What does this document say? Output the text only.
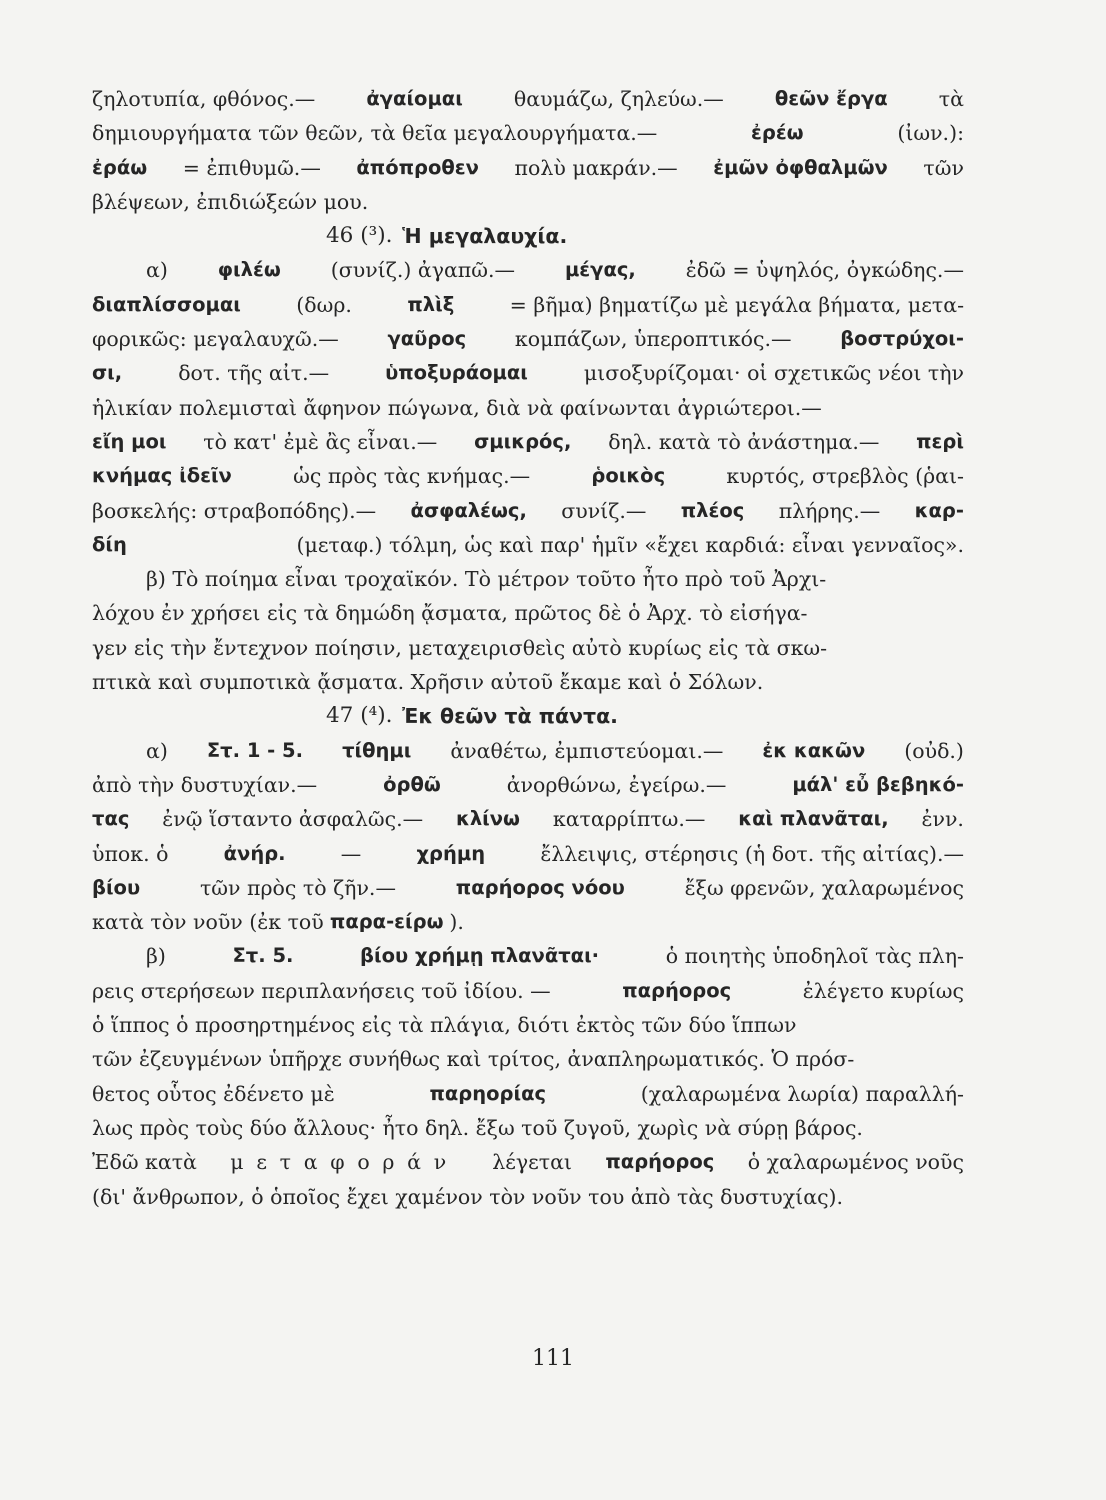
ζηλοτυπία, φθόνος.—	ἀγαίομαι θαυμάζω, ζηλεύω.—	θεῶν ἔργα τὰ
δημιουργήματα τῶν θεῶν, τὰ θεῖα μεγαλουργήματα.—	ἐρέω	(ἰων.):
ἐράω = ἐπιθυμῶ.— ἀπόπροθεν πολὺ μακράν.— ἐμῶν ὀφθαλμῶν τῶν
βλέψεων, ἐπιδιώξεών μου.
46 (³). Ἡ μεγαλαυχία.
α)	φιλέω (συνίζ.) ἀγαπῶ.—	μέγας, ἐδῶ = ὑψηλός, ὀγκώδης.—
διαπλίσσομαι	(δωρ.	πλὶξ	= βῆμα) βηματίζω μὲ μεγάλα βήματα, μετα-
φορικῶς: μεγαλαυχῶ.— γαῦρος κομπάζων, ὑπεροπτικός.— βοστρύχοι-
σι,	δοτ. τῆς αἰτ.—	ὑποξυράομαι	μισοξυρίζομαι· οἱ σχετικῶς νέοι τὴν
ἡλικίαν πολεμισταὶ ἄφηνον πώγωνα, διὰ νὰ φαίνωνται ἀγριώτεροι.—
εἴη μοι τὸ κατ' ἐμὲ ἂς εἶναι.— σμικρός, δηλ. κατὰ τὸ ἀνάστημα.— περὶ
κνήμας ἰδεῖν	ὡς πρὸς τὰς κνήμας.—	ῥοικὸς	κυρτός, στρεβλὸς (ῥαι-
βοσκελής: στραβοπόδης).— ἀσφαλέως, συνίζ.— πλέος πλήρης.— καρ-
δίη	(μεταφ.) τόλμη, ὡς καὶ παρ' ἡμῖν «ἔχει καρδιά: εἶναι γενναῖος».
β) Τὸ ποίημα εἶναι τροχαϊκόν. Τὸ μέτρον τοῦτο ἦτο πρὸ τοῦ Ἀρχι-
λόχου ἐν χρήσει εἰς τὰ δημώδη ᾄσματα, πρῶτος δὲ ὁ Ἀρχ. τὸ εἰσήγα-
γεν εἰς τὴν ἔντεχνον ποίησιν, μεταχειρισθεὶς αὐτὸ κυρίως εἰς τὰ σκω-
πτικὰ καὶ συμποτικὰ ᾄσματα. Χρῆσιν αὐτοῦ ἔκαμε καὶ ὁ Σόλων.
47 (⁴). Ἐκ θεῶν τὰ πάντα.
α) Στ. 1 - 5. τίθημι ἀναθέτω, ἐμπιστεύομαι.— ἐκ κακῶν (οὐδ.)
ἀπὸ τὴν δυστυχίαν.—	ὀρθῶ	ἀνορθώνω, ἐγείρω.—	μάλ' εὖ βεβηκό-
τας ἐνῷ ἵσταντο ἀσφαλῶς.— κλίνω καταρρίπτω.— καὶ πλανᾶται, ἐνν.
ὑποκ. ὁ	ἀνήρ.	—	χρήμη	ἔλλειψις, στέρησις (ἡ δοτ. τῆς αἰτίας).—
βίου	τῶν πρὸς τὸ ζῆν.—	παρήορος νόου	ἔξω φρενῶν, χαλαρωμένος
κατὰ τὸν νοῦν (ἐκ τοῦ παρα-είρω ).
β)	Στ. 5.	βίου χρήμῃ πλανᾶται·	ὁ ποιητὴς ὑποδηλοῖ τὰς πλη-
ρεις στερήσεων περιπλανήσεις τοῦ ἰδίου. —	παρήορος	ἐλέγετο κυρίως
ὁ ἵππος ὁ προσηρτημένος εἰς τὰ πλάγια, διότι ἐκτὸς τῶν δύο ἵππων
τῶν ἐζευγμένων ὑπῆρχε συνήθως καὶ τρίτος, ἀναπληρωματικός. Ὁ πρόσ-
θετος οὗτος ἐδένετο μὲ	παρηορίας	(χαλαρωμένα λωρία) παραλλή-
λως πρὸς τοὺς δύο ἄλλους· ἦτο δηλ. ἔξω τοῦ ζυγοῦ, χωρὶς νὰ σύρῃ βάρος.
Ἐδῶ κατὰ μεταφοράν λέγεται παρήορος ὁ χαλαρωμένος νοῦς
(δι' ἄνθρωπον, ὁ ὁποῖος ἔχει χαμένον τὸν νοῦν του ἀπὸ τὰς δυστυχίας).
111
